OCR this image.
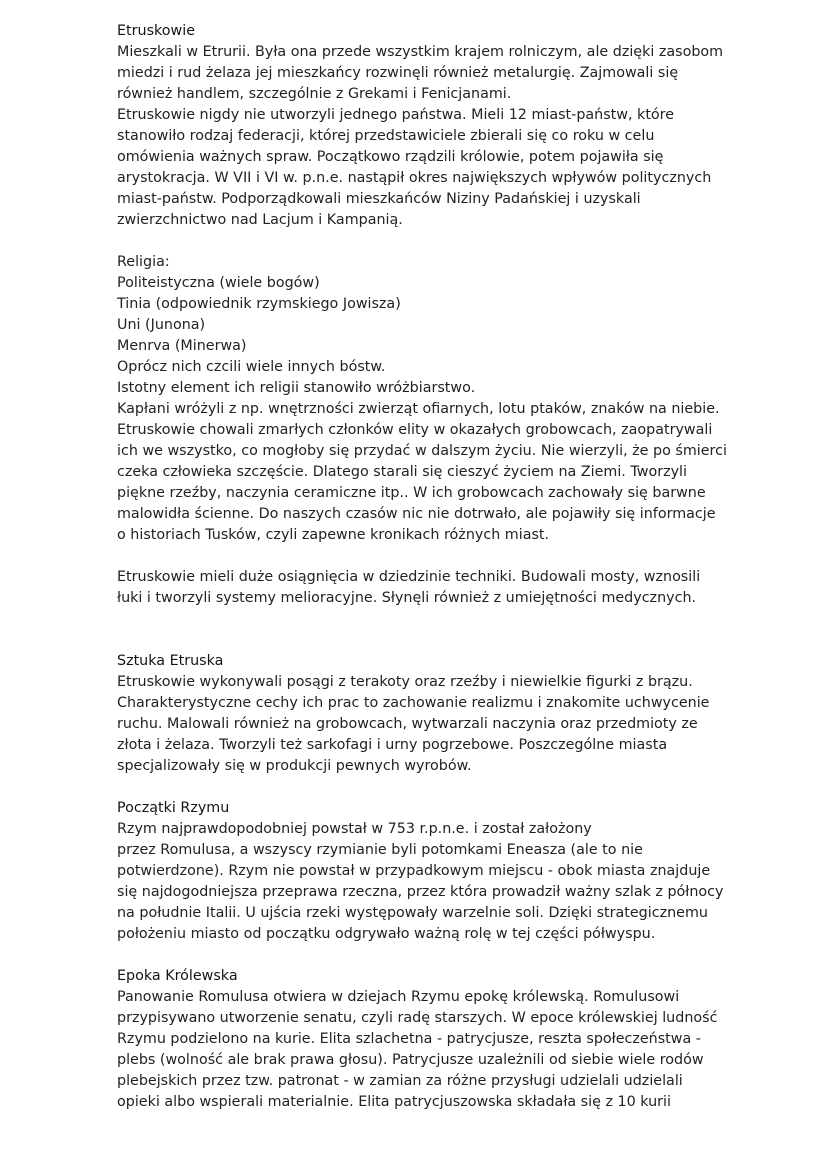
Etruskowie
Mieszkali w Etrurii. Była ona przede wszystkim krajem rolniczym, ale dzięki zasobom
miedzi i rud żelaza jej mieszkańcy rozwinęli również metalurgię. Zajmowali się
również handlem, szczególnie z Grekami i Fenicjanami.
Etruskowie nigdy nie utworzyli jednego państwa. Mieli 12 miast-państw, które
stanowiło rodzaj federacji, której przedstawiciele zbierali się co roku w celu
omówienia ważnych spraw. Początkowo rządzili królowie, potem pojawiła się
arystokracja. W VII i VI w. p.n.e. nastąpił okres największych wpływów politycznych
miast-państw. Podporządkowali mieszkańców Niziny Padańskiej i uzyskali
zwierzchnictwo nad Lacjum i Kampanią.
Religia:
Politeistyczna (wiele bogów)
Tinia (odpowiednik rzymskiego Jowisza)
Uni (Junona)
Menrva (Minerwa)
Oprócz nich czcili wiele innych bóstw.
Istotny element ich religii stanowiło wróżbiarstwo.
Kapłani wróżyli z np. wnętrzności zwierząt ofiarnych, lotu ptaków, znaków na niebie.
Etruskowie chowali zmarłych członków elity w okazałych grobowcach, zaopatrywali
ich we wszystko, co mogłoby się przydać w dalszym życiu. Nie wierzyli, że po śmierci
czeka człowieka szczęście. Dlatego starali się cieszyć życiem na Ziemi. Tworzyli
piękne rzeźby, naczynia ceramiczne itp.. W ich grobowcach zachowały się barwne
malowidła ścienne. Do naszych czasów nic nie dotrwało, ale pojawiły się informacje
o historiach Tusków, czyli zapewne kronikach różnych miast.
Etruskowie mieli duże osiągnięcia w dziedzinie techniki. Budowali mosty, wznosili
łuki i tworzyli systemy melioracyjne. Słynęli również z umiejętności medycznych.
Sztuka Etruska
Etruskowie wykonywali posągi z terakoty oraz rzeźby i niewielkie figurki z brązu.
Charakterystyczne cechy ich prac to zachowanie realizmu i znakomite uchwycenie
ruchu. Malowali również na grobowcach, wytwarzali naczynia oraz przedmioty ze
złota i żelaza. Tworzyli też sarkofagi i urny pogrzebowe. Poszczególne miasta
specjalizowały się w produkcji pewnych wyrobów.
Początki Rzymu
Rzym najprawdopodobniej powstał w 753 r.p.n.e. i został założony
przez Romulusa, a wszyscy rzymianie byli potomkami Eneasza (ale to nie
potwierdzone). Rzym nie powstał w przypadkowym miejscu - obok miasta znajduje
się najdogodniejsza przeprawa rzeczna, przez która prowadził ważny szlak z północy
na południe Italii. U ujścia rzeki występowały warzelnie soli. Dzięki strategicznemu
położeniu miasto od początku odgrywało ważną rolę w tej części półwyspu.
Epoka Królewska
Panowanie Romulusa otwiera w dziejach Rzymu epokę królewską. Romulusowi
przypisywano utworzenie senatu, czyli radę starszych. W epoce królewskiej ludność
Rzymu podzielono na kurie. Elita szlachetna - patrycjusze, reszta społeczeństwa -
plebs (wolność ale brak prawa głosu). Patrycjusze uzależnili od siebie wiele rodów
plebejskich przez tzw. patronat - w zamian za różne przysługi udzielali udzielali
opieki albo wspierali materialnie. Elita patrycjuszowska składała się z 10 kurii
